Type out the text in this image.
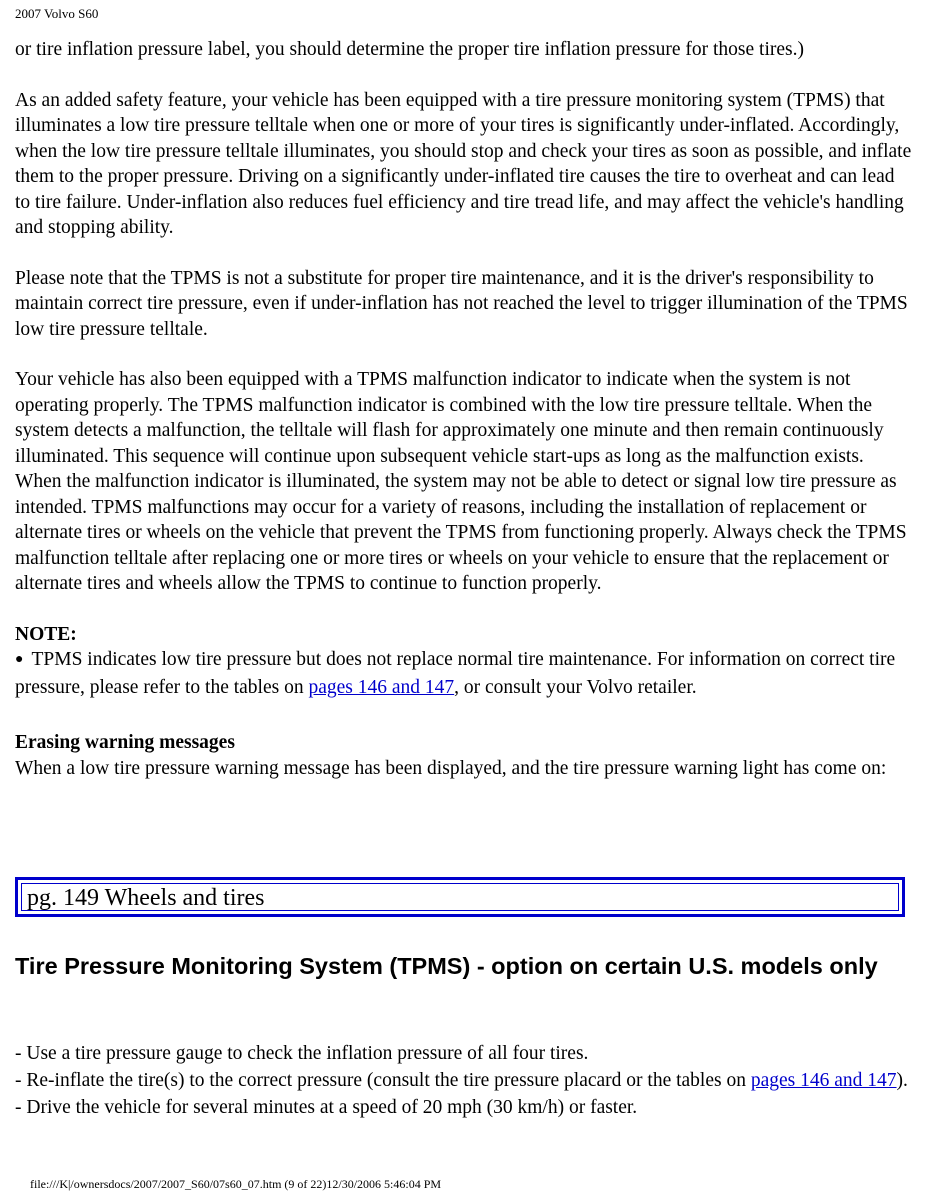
2007 Volvo S60

or tire inflation pressure label, you should determine the proper tire inflation pressure for those tires.)

As an added safety feature, your vehicle has been equipped with a tire pressure monitoring system (TPMS) that illuminates a low tire pressure telltale when one or more of your tires is significantly under-inflated. Accordingly, when the low tire pressure telltale illuminates, you should stop and check your tires as soon as possible, and inflate them to the proper pressure. Driving on a significantly under-inflated tire causes the tire to overheat and can lead to tire failure. Under-inflation also reduces fuel efficiency and tire tread life, and may affect the vehicle's handling and stopping ability.

Please note that the TPMS is not a substitute for proper tire maintenance, and it is the driver's responsibility to maintain correct tire pressure, even if under-inflation has not reached the level to trigger illumination of the TPMS low tire pressure telltale.

Your vehicle has also been equipped with a TPMS malfunction indicator to indicate when the system is not operating properly. The TPMS malfunction indicator is combined with the low tire pressure telltale. When the system detects a malfunction, the telltale will flash for approximately one minute and then remain continuously illuminated. This sequence will continue upon subsequent vehicle start-ups as long as the malfunction exists. When the malfunction indicator is illuminated, the system may not be able to detect or signal low tire pressure as intended. TPMS malfunctions may occur for a variety of reasons, including the installation of replacement or alternate tires or wheels on the vehicle that prevent the TPMS from functioning properly. Always check the TPMS malfunction telltale after replacing one or more tires or wheels on your vehicle to ensure that the replacement or alternate tires and wheels allow the TPMS to continue to function properly.

NOTE:

● TPMS indicates low tire pressure but does not replace normal tire maintenance. For information on correct tire pressure, please refer to the tables on pages 146 and 147, or consult your Volvo retailer.

Erasing warning messages

When a low tire pressure warning message has been displayed, and the tire pressure warning light has come on:

pg. 149 Wheels and tires
Tire Pressure Monitoring System (TPMS) - option on certain U.S. models only

- Use a tire pressure gauge to check the inflation pressure of all four tires.

- Re-inflate the tire(s) to the correct pressure (consult the tire pressure placard or the tables on pages 146 and 147).

- Drive the vehicle for several minutes at a speed of 20 mph (30 km/h) or faster.

file:///K|/ownersdocs/2007/2007_S60/07s60_07.htm (9 of 22)12/30/2006 5:46:04 PM
